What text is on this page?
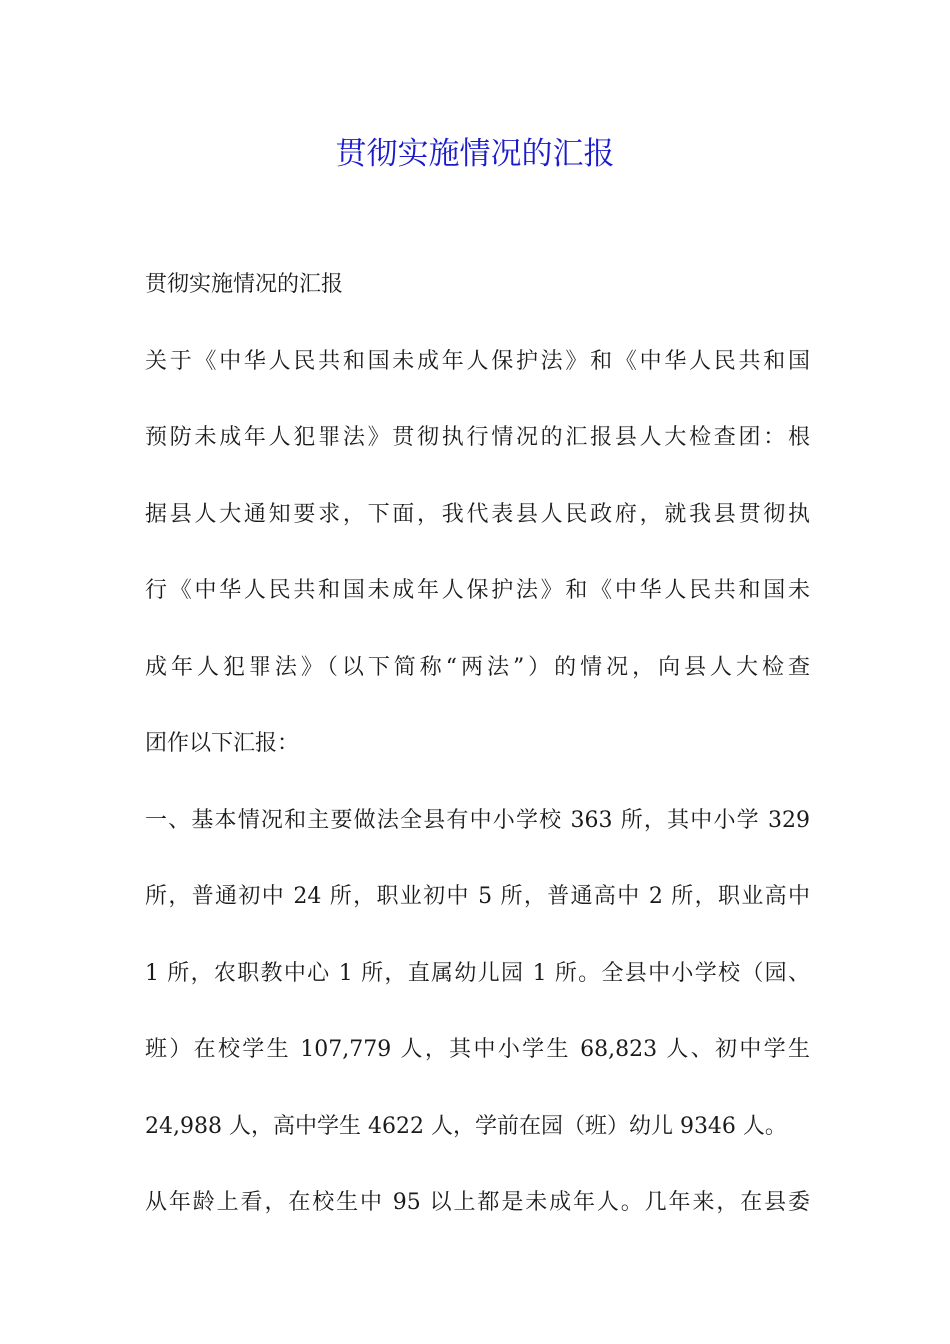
贯彻实施情况的汇报
贯彻实施情况的汇报
关于《中华人民共和国未成年人保护法》和《中华人民共和国
预防未成年人犯罪法》贯彻执行情况的汇报县人大检查团：根
据县人大通知要求，下面，我代表县人民政府，就我县贯彻执
行《中华人民共和国未成年人保护法》和《中华人民共和国未
成年人犯罪法》（以下简称“两法”）的情况，向县人大检查
团作以下汇报：
一、基本情况和主要做法全县有中小学校 363 所，其中小学 329
所，普通初中 24 所，职业初中 5 所，普通高中 2 所，职业高中
1 所，农职教中心 1 所，直属幼儿园 1 所。全县中小学校（园、
班）在校学生 107,779 人，其中小学生 68,823 人、初中学生
24,988 人，高中学生 4622 人，学前在园（班）幼儿 9346 人。
从年龄上看，在校生中 95 以上都是未成年人。几年来，在县委
